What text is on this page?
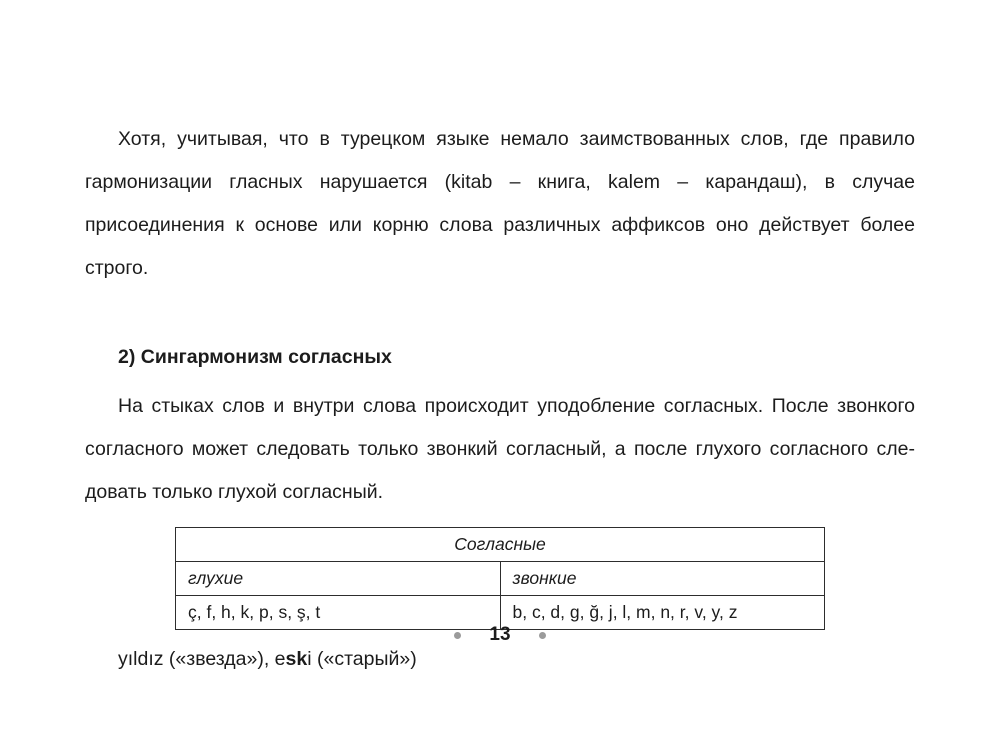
Хотя, учитывая, что в турецком языке немало заимствованных слов, где правило гармонизации гласных нарушается (kitab – книга, kalem – карандаш), в случае присоединения к основе или корню слова различных аффиксов оно действует более строго.

2) Сингармонизм согласных

На стыках слов и внутри слова происходит уподобление согласных. После звонкого согласного может следовать только звонкий согласный, а после глухого согласного следовать только глухой согласный.

Согласные	
глухие	звонкие
ç, f, h, k, p, s, ş, t	b, c, d, g, ğ, j, l, m, n, r, v, y, z

yıldız («звезда»), eski («старый»)

13
